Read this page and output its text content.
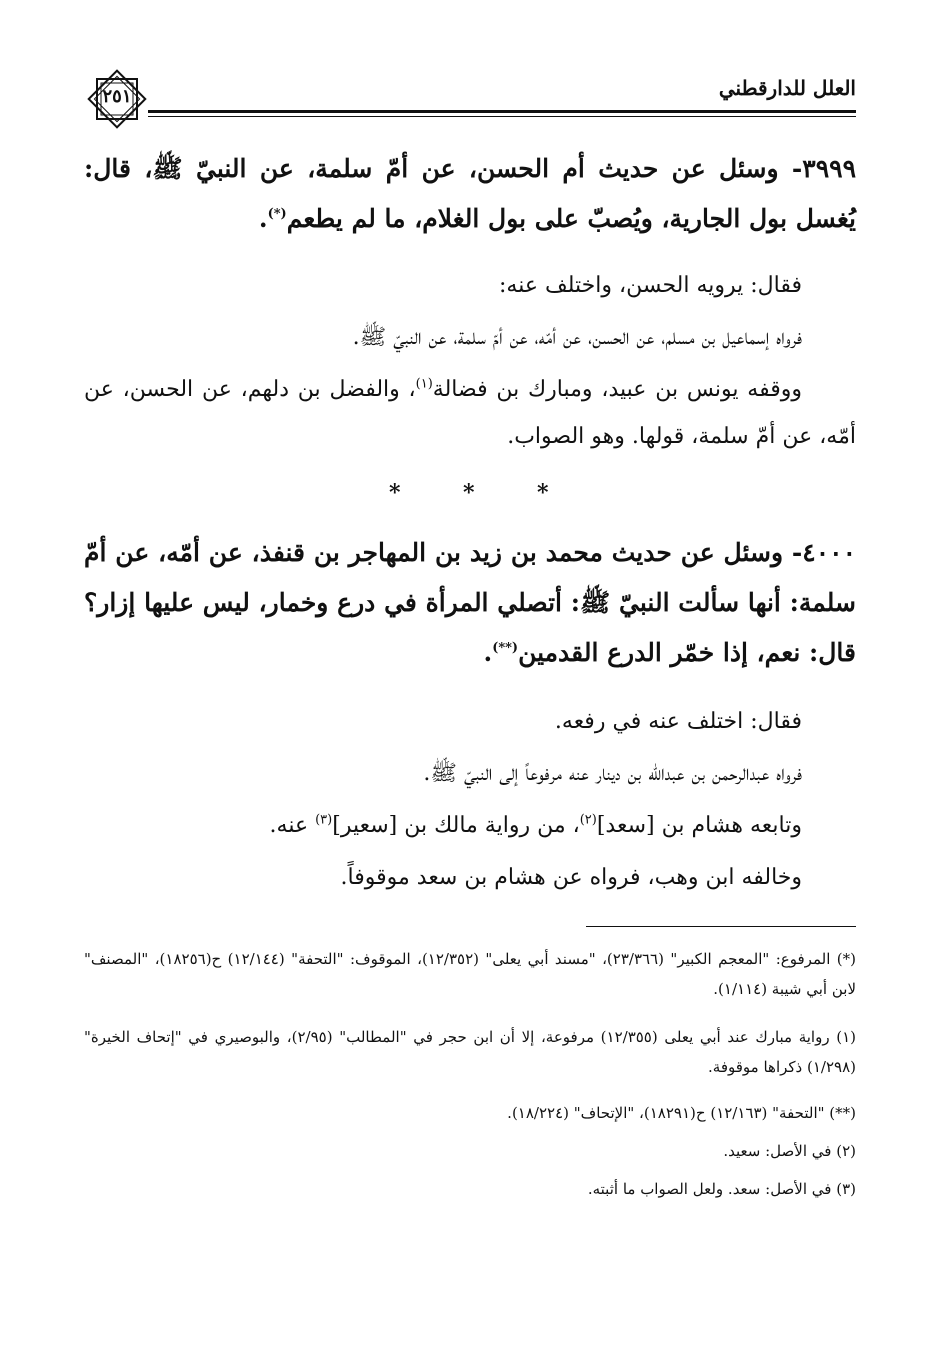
٢٥١	العلل للدارقطني
٣٩٩٩- وسئل عن حديث أم الحسن، عن أمّ سلمة، عن النبيّ ﷺ، قال: يُغسل بول الجارية، ويُصبّ على بول الغلام، ما لم يطعم(*).
فقال: يرويه الحسن، واختلف عنه:
فرواه إسماعيل بن مسلم، عن الحسن، عن أمّه، عن أمّ سلمة، عن النبيّ ﷺ.
ووقفه يونس بن عبيد، ومبارك بن فضالة$^{(١)}$، والفضل بن دلهم، عن الحسن، عن أمّه، عن أمّ سلمة، قولها. وهو الصواب.
*	*	*
٤٠٠٠- وسئل عن حديث محمد بن زيد بن المهاجر بن قنفذ، عن أمّه، عن أمّ سلمة: أنها سألت النبيّ ﷺ: أتصلي المرأة في درع وخمار، ليس عليها إزار؟ قال: نعم، إذا خمّر الدرع القدمين(**).
فقال: اختلف عنه في رفعه.
فرواه عبدالرحمن بن عبدالله بن دينار عنه مرفوعاً إلى النبيّ ﷺ.
وتابعه هشام بن [سعد]$^{(٢)}$، من رواية مالك بن [سعير]$^{(٣)}$ عنه.
وخالفه ابن وهب، فرواه عن هشام بن سعد موقوفاً.
(*) المرفوع: "المعجم الكبير" (٢٣/٣٦٦)، "مسند أبي يعلى" (١٢/٣٥٢)، الموقوف: "التحفة" (١٢/١٤٤) ح(١٨٢٥٦)، "المصنف" لابن أبي شيبة (١/١١٤).
(١) رواية مبارك عند أبي يعلى (١٢/٣٥٥) مرفوعة، إلا أن ابن حجر في "المطالب" (٢/٩٥)، والبوصيري في "إتحاف الخيرة" (١/٢٩٨) ذكراها موقوفة.
(**) "التحفة" (١٢/١٦٣) ح(١٨٢٩١)، "الإتحاف" (١٨/٢٢٤).
(٢) في الأصل: سعيد.
(٣) في الأصل: سعد. ولعل الصواب ما أثبته.
